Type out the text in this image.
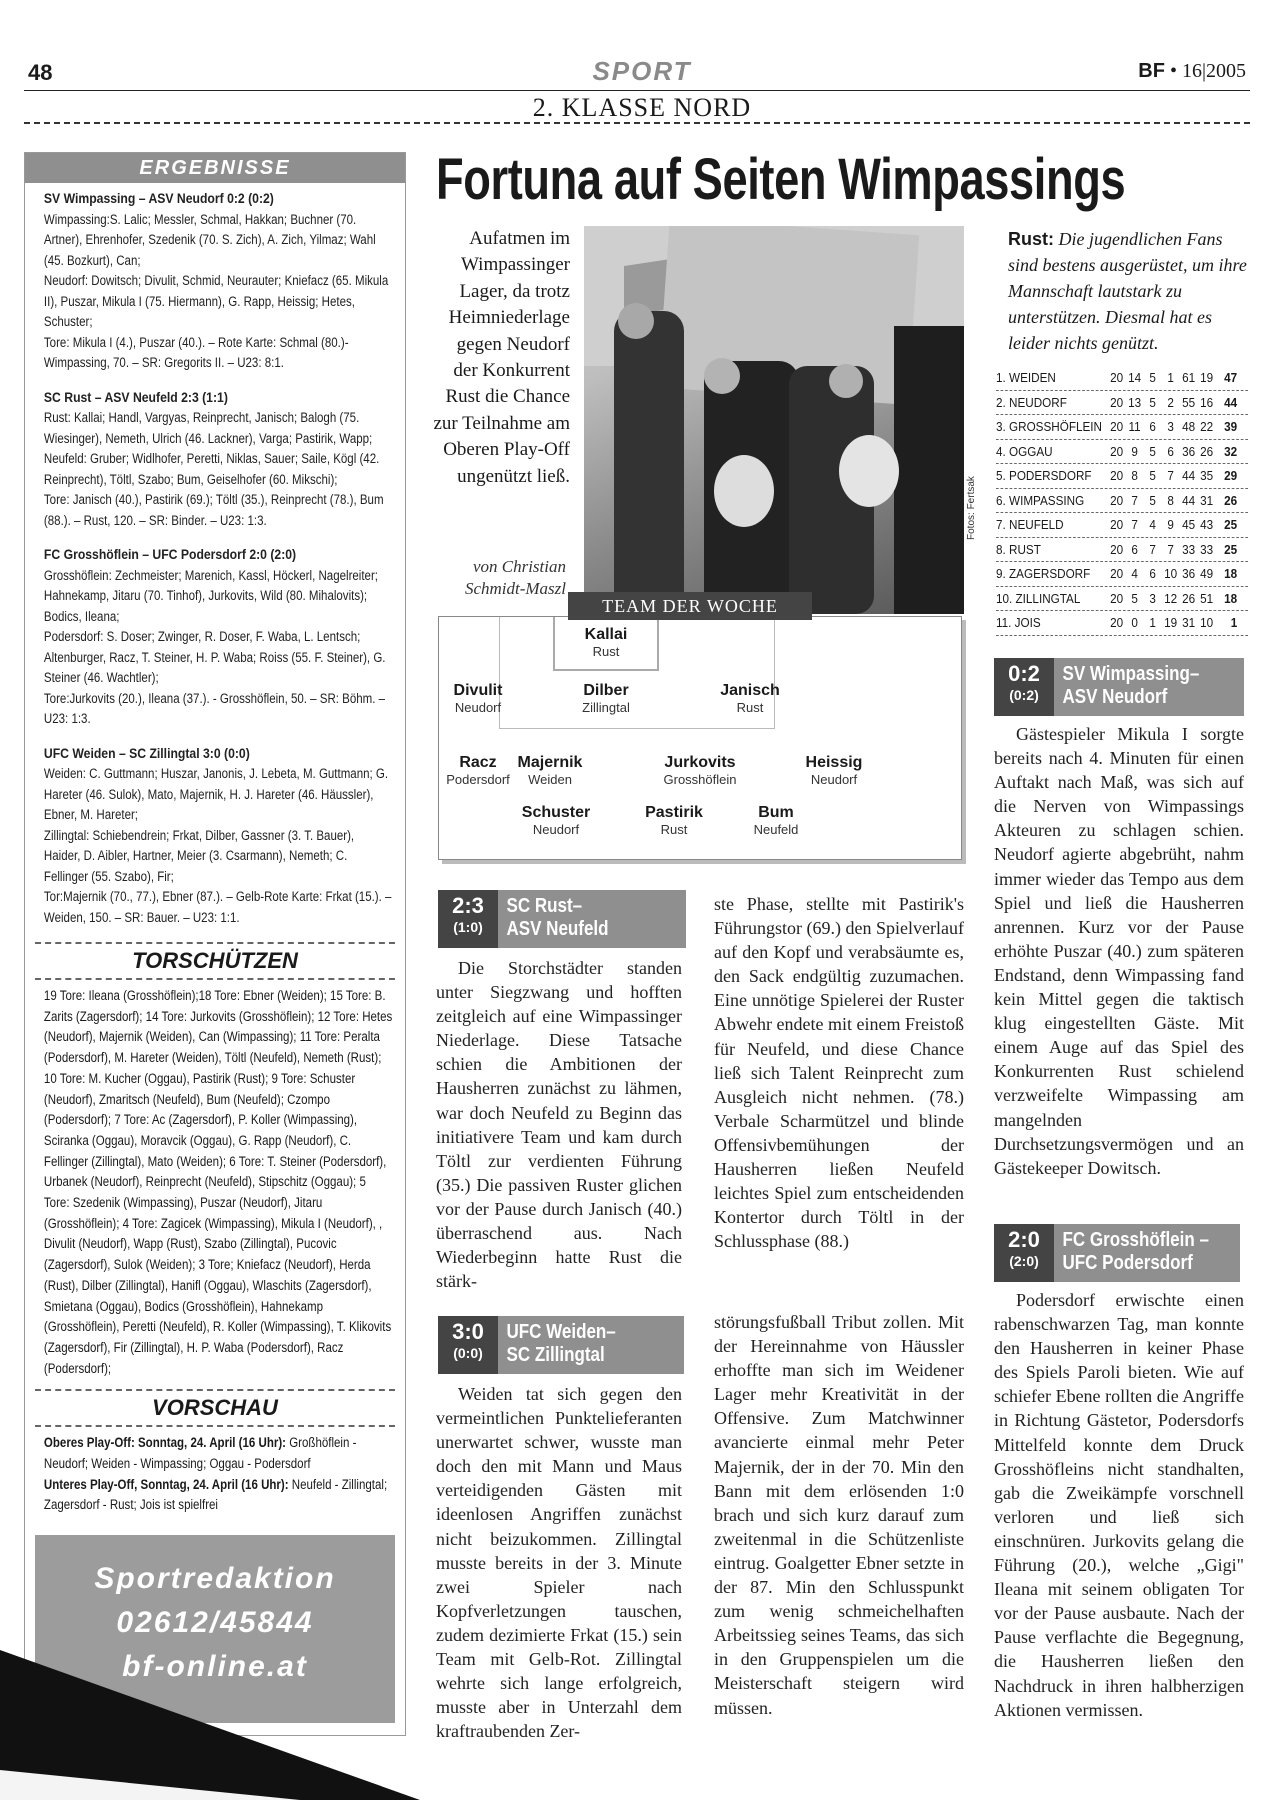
48	SPORT	BF • 16|2005
2. KLASSE NORD
ERGEBNISSE
SV Wimpassing – ASV Neudorf 0:2 (0:2)
Wimpassing:S. Lalic; Messler, Schmal, Hakkan; Buchner (70. Artner), Ehrenhofer, Szedenik (70. S. Zich), A. Zich, Yilmaz; Wahl (45. Bozkurt), Can;
Neudorf: Dowitsch; Divulit, Schmid, Neurauter; Kniefacz (65. Mikula II), Puszar, Mikula I (75. Hiermann), G. Rapp, Heissig; Hetes, Schuster;
Tore: Mikula I (4.), Puszar (40.). – Rote Karte: Schmal (80.)-Wimpassing, 70. – SR: Gregorits II. – U23: 8:1.
SC Rust – ASV Neufeld 2:3 (1:1)
Rust: Kallai; Handl, Vargyas, Reinprecht, Janisch; Balogh (75. Wiesinger), Nemeth, Ulrich (46. Lackner), Varga; Pastirik, Wapp;
Neufeld: Gruber; Widlhofer, Peretti, Niklas, Sauer; Saile, Kögl (42. Reinprecht), Töltl, Szabo; Bum, Geiselhofer (60. Mikschi);
Tore: Janisch (40.), Pastirik (69.); Töltl (35.), Reinprecht (78.), Bum (88.). – Rust, 120. – SR: Binder. – U23: 1:3.
FC Grosshöflein – UFC Podersdorf 2:0 (2:0)
Grosshöflein: Zechmeister; Marenich, Kassl, Höckerl, Nagelreiter; Hahnekamp, Jitaru (70. Tinhof), Jurkovits, Wild (80. Mihalovits); Bodics, Ileana;
Podersdorf: S. Doser; Zwinger, R. Doser, F. Waba, L. Lentsch; Altenburger, Racz, T. Steiner, H. P. Waba; Roiss (55. F. Steiner), G. Steiner (46. Wachtler);
Tore:Jurkovits (20.), Ileana (37.). - Grosshöflein, 50. – SR: Böhm. – U23: 1:3.
UFC Weiden – SC Zillingtal 3:0 (0:0)
Weiden: C. Guttmann; Huszar, Janonis, J. Lebeta, M. Guttmann; G. Hareter (46. Sulok), Mato, Majernik, H. J. Hareter (46. Häussler), Ebner, M. Hareter;
Zillingtal: Schiebendrein; Frkat, Dilber, Gassner (3. T. Bauer), Haider, D. Aibler, Hartner, Meier (3. Csarmann), Nemeth; C. Fellinger (55. Szabo), Fir;
Tor:Majernik (70., 77.), Ebner (87.). – Gelb-Rote Karte: Frkat (15.). – Weiden, 150. – SR: Bauer. – U23: 1:1.
TORSCHÜTZEN
19 Tore: Ileana (Grosshöflein);18 Tore: Ebner (Weiden); 15 Tore: B. Zarits (Zagersdorf); 14 Tore: Jurkovits (Grosshöflein); 12 Tore: Hetes (Neudorf), Majernik (Weiden), Can (Wimpassing); 11 Tore: Peralta (Podersdorf), M. Hareter (Weiden), Töltl (Neufeld), Nemeth (Rust); 10 Tore: M. Kucher (Oggau), Pastirik (Rust); 9 Tore: Schuster (Neudorf), Zmaritsch (Neufeld), Bum (Neufeld); Czompo (Podersdorf); 7 Tore: Ac (Zagersdorf), P. Koller (Wimpassing), Sciranka (Oggau), Moravcik (Oggau), G. Rapp (Neudorf), C. Fellinger (Zillingtal), Mato (Weiden); 6 Tore: T. Steiner (Podersdorf), Urbanek (Neudorf), Reinprecht (Neufeld), Stipschitz (Oggau); 5 Tore: Szedenik (Wimpassing), Puszar (Neudorf), Jitaru (Grosshöflein); 4 Tore: Zagicek (Wimpassing), Mikula I (Neudorf), , Divulit (Neudorf), Wapp (Rust), Szabo (Zillingtal), Pucovic (Zagersdorf), Sulok (Weiden); 3 Tore; Kniefacz (Neudorf), Herda (Rust), Dilber (Zillingtal), Hanifl (Oggau), Wlaschits (Zagersdorf), Smietana (Oggau), Bodics (Grosshöflein), Hahnekamp (Grosshöflein), Peretti (Neufeld), R. Koller (Wimpassing), T. Klikovits (Zagersdorf), Fir (Zillingtal), H. P. Waba (Podersdorf), Racz (Podersdorf);
VORSCHAU
Oberes Play-Off: Sonntag, 24. April (16 Uhr): Großhöflein - Neudorf; Weiden - Wimpassing; Oggau - Podersdorf
Unteres Play-Off, Sonntag, 24. April (16 Uhr): Neufeld - Zillingtal; Zagersdorf - Rust; Jois ist spielfrei
Sportredaktion
02612/45844
bf-online.at
Fortuna auf Seiten Wimpassings
Aufatmen im Wimpassinger Lager, da trotz Heimniederlage gegen Neudorf der Konkurrent Rust die Chance zur Teilnahme am Oberen Play-Off ungenützt ließ.
von Christian Schmidt-Maszl
Fotos: Fertsak
Kallai
Rust
Divulit
Neudorf
Dilber
Zillingtal
Janisch
Rust
Racz
Podersdorf
Majernik
Weiden
Jurkovits
Grosshöflein
Heissig
Neudorf
Schuster
Neudorf
Pastirik
Rust
Bum
Neufeld
TEAM DER WOCHE
Rust: Die jugendlichen Fans sind bestens ausgerüstet, um ihre Mannschaft lautstark zu unterstützen. Diesmal hat es leider nichts genützt.
1. WEIDEN	20 14 5 1 61 19 47
2. NEUDORF	20 13 5 2 55 16 44
3. GROSSHÖFLEIN 20 11 6 3 48 22 39
4. OGGAU	20 9 5 6 36 26 32
5. PODERSDORF	20 8 5 7 44 35 29
6. WIMPASSING	20 7 5 8 44 31 26
7. NEUFELD	20 7 4 9 45 43 25
8. RUST	20 6 7 7 33 33 25
9. ZAGERSDORF	20 4 6 10 36 49 18
10. ZILLINGTAL	20 5 3 12 26 51 18
11. JOIS	20 0 1 19 31 10	1
2:3
(1:0)
SC Rust–
ASV Neufeld
3:0
(0:0)
UFC Weiden–
SC Zillingtal
0:2
(0:2)
SV Wimpassing–
ASV Neudorf
2:0
(2:0)
FC Grosshöflein –
UFC Podersdorf

Die Storchstädter standen unter Siegzwang und hofften zeitgleich auf eine Wimpassinger Niederlage. Diese Tatsache schien die Ambitionen der Hausherren zunächst zu lähmen, war doch Neufeld zu Beginn das initiativere Team und kam durch Töltl zur verdienten Führung (35.) Die passiven Ruster glichen vor der Pause durch Janisch (40.) überraschend aus. Nach Wiederbeginn hatte Rust die stärk-

ste Phase, stellte mit Pastirik's Führungstor (69.) den Spielverlauf auf den Kopf und verabsäumte es, den Sack endgültig zuzumachen. Eine unnötige Spielerei der Ruster Abwehr endete mit einem Freistoß für Neufeld, und diese Chance ließ sich Talent Reinprecht zum Ausgleich nicht nehmen. (78.) Verbale Scharmützel und blinde Offensivbemühungen der Hausherren ließen Neufeld leichtes Spiel zum entscheidenden Kontertor durch Töltl in der Schlussphase (88.)

Weiden tat sich gegen den vermeintlichen Punktelieferanten unerwartet schwer, wusste man doch den mit Mann und Maus verteidigenden Gästen mit ideenlosen Angriffen zunächst nicht beizukommen. Zillingtal musste bereits in der 3. Minute zwei Spieler nach Kopfverletzungen tauschen, zudem dezimierte Frkat (15.) sein Team mit Gelb-Rot. Zillingtal wehrte sich lange erfolgreich, musste aber in Unterzahl dem kraftraubenden Zer-

störungsfußball Tribut zollen. Mit der Hereinnahme von Häussler erhoffte man sich im Weidener Lager mehr Kreativität in der Offensive. Zum Matchwinner avancierte einmal mehr Peter Majernik, der in der 70. Min den Bann mit dem erlösenden 1:0 brach und sich kurz darauf zum zweitenmal in die Schützenliste eintrug. Goalgetter Ebner setzte in der 87. Min den Schlusspunkt zum wenig schmeichelhaften Arbeitssieg seines Teams, das sich in den Gruppenspielen um die Meisterschaft steigern wird müssen.

Gästespieler Mikula I sorgte bereits nach 4. Minuten für einen Auftakt nach Maß, was sich auf die Nerven von Wimpassings Akteuren zu schlagen schien. Neudorf agierte abgebrüht, nahm immer wieder das Tempo aus dem Spiel und ließ die Hausherren anrennen. Kurz vor der Pause erhöhte Puszar (40.) zum späteren Endstand, denn Wimpassing fand kein Mittel gegen die taktisch klug eingestellten Gäste. Mit einem Auge auf das Spiel des Konkurrenten Rust schielend verzweifelte Wimpassing am mangelnden Durchsetzungsvermögen und an Gästekeeper Dowitsch.

Podersdorf erwischte einen rabenschwarzen Tag, man konnte den Hausherren in keiner Phase des Spiels Paroli bieten. Wie auf schiefer Ebene rollten die Angriffe in Richtung Gästetor, Podersdorfs Mittelfeld konnte dem Druck Grosshöfleins nicht standhalten, gab die Zweikämpfe vorschnell verloren und ließ sich einschnüren. Jurkovits gelang die Führung (20.), welche „Gigi" Ileana mit seinem obligaten Tor vor der Pause ausbaute. Nach der Pause verflachte die Begegnung, die Hausherren ließen den Nachdruck in ihren halbherzigen Aktionen vermissen.
